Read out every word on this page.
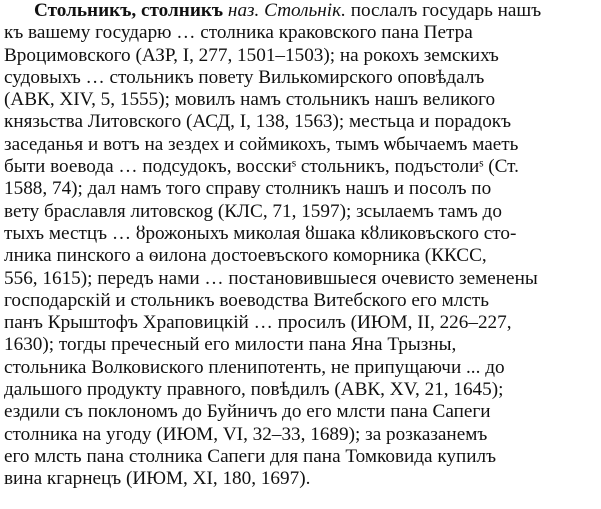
Стольникъ, столникъ наз. Стольнік. послалъ государь нашъ
къ вашему государю … столника краковского пана Петра
Вроцимовского (АЗР, I, 277, 1501–1503); на рокохъ земскихъ
судовыхъ … стольникъ повету Вилькомирского оповѣдалъ
(АВК, XIV, 5, 1555); мовилъ намъ стольникъ нашъ великого
князьства Литовского (АСД, I, 138, 1563); местьца и порадокъ
заседанья и вотъ на зездех и соймикохъ, тымъ ѡбычаемъ маеть
быти воевода … подсудокъ, восскиˢ стольникъ, подъстолиˢ (Ст.
1588, 74); дал намъ того справу столникъ нашъ и посолъ по
вету браславля литовскоg (КЛС, 71, 1597); зсылаемъ тамъ до
тыхъ местцъ … ȣрожоныхъ миколая ȣшака кȣликовъского сто-
лника пинского а ѳилона достоевъского коморника (ККСС,
556, 1615); передъ нами … постановившыеся очевисто земенены
господарскій и стольникъ воеводства Витебского его млсть
панъ Крыштофъ Храповицкій … просилъ (ИЮМ, II, 226–227,
1630); тогды пречесный его милости пана Яна Трызны,
стольника Волковиского пленипотенть, не припущаючи ... до
дальшого продукту правного, повѣдилъ (АВК, XV, 21, 1645);
ездили съ поклономъ до Буйничъ до его млсти пана Сапеги
столника на угоду (ИЮМ, VI, 32–33, 1689); за розказанемъ
его млсть пана столника Сапеги для пана Томковида купилъ
вина кгарнецъ (ИЮМ, XI, 180, 1697).
